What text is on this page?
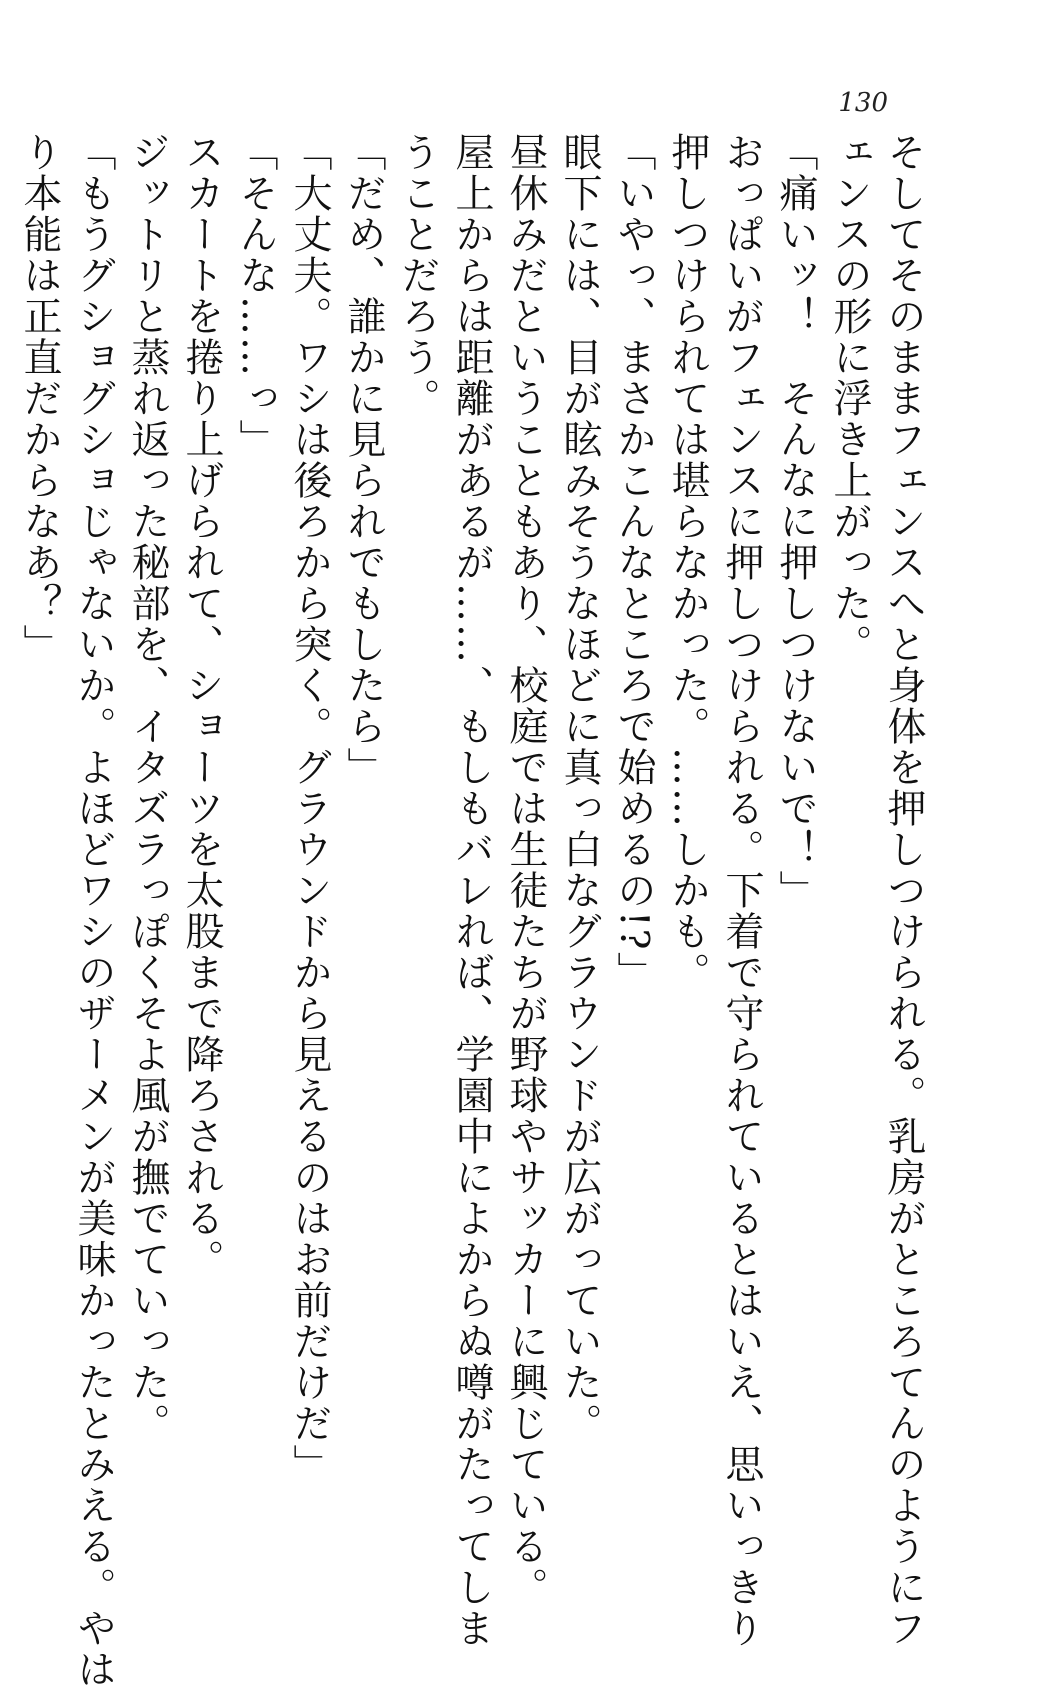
130
そしてそのままフェンスへと身体を押しつけられる。乳房がところてんのようにフ
ェンスの形に浮き上がった。
「痛いッ！　そんなに押しつけないで！」
おっぱいがフェンスに押しつけられる。下着で守られているとはいえ、思いっきり
押しつけられては堪らなかった。……しかも。
「いやっ、まさかこんなところで始めるの!?」
眼下には、目が眩みそうなほどに真っ白なグラウンドが広がっていた。
昼休みだということもあり、校庭では生徒たちが野球やサッカーに興じている。
屋上からは距離があるが……、もしもバレれば、学園中によからぬ噂がたってしま
うことだろう。
「だめ、誰かに見られでもしたら」
「大丈夫。ワシは後ろから突く。グラウンドから見えるのはお前だけだ」
「そんな……っ」
スカートを捲り上げられて、ショーツを太股まで降ろされる。
ジットリと蒸れ返った秘部を、イタズラっぽくそよ風が撫でていった。
「もうグショグショじゃないか。よほどワシのザーメンが美味かったとみえる。やは
り本能は正直だからなあ？」
